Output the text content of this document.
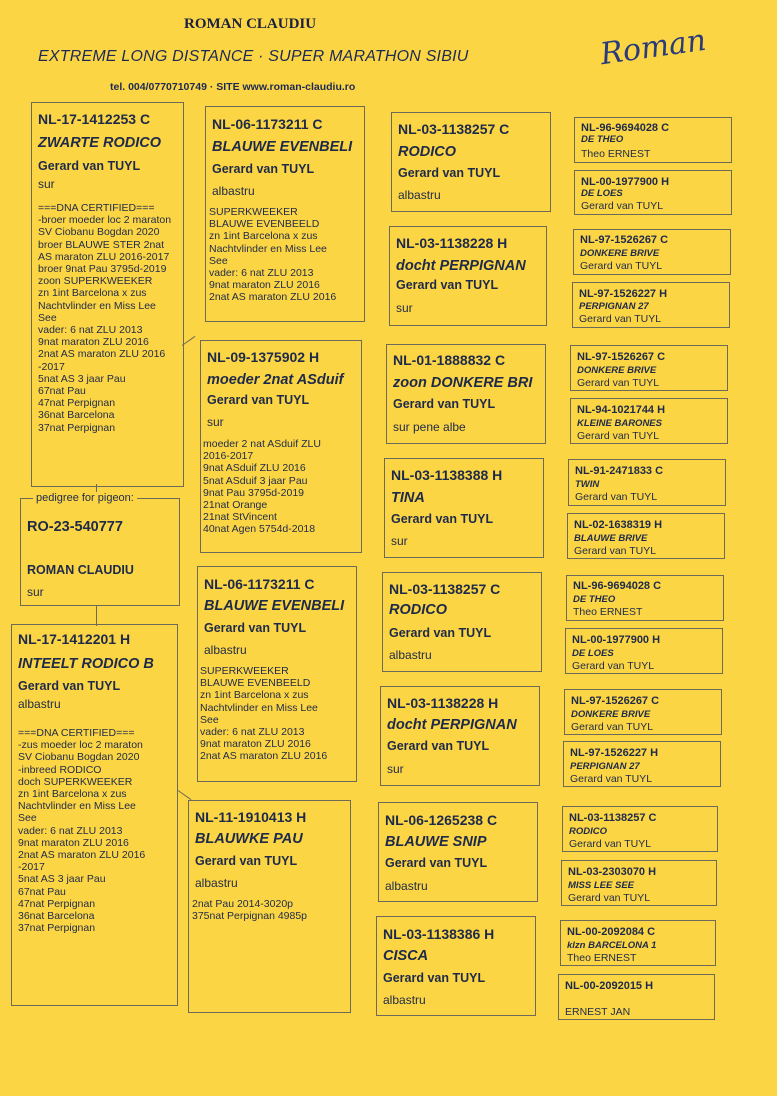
ROMAN CLAUDIU
EXTREME LONG DISTANCE · SUPER MARATHON SIBIU
tel. 004/0770710749 · SITE www.roman-claudiu.ro
Roman
NL-17-1412253 C
ZWARTE RODICO
Gerard van TUYL
sur
===DNA CERTIFIED===
-broer moeder loc 2 maraton
SV Ciobanu Bogdan 2020
broer BLAUWE STER 2nat
AS maraton ZLU 2016-2017
broer 9nat Pau 3795d-2019
zoon SUPERKWEEKER
zn 1int Barcelona x zus
Nachtvlinder en Miss Lee
See
vader: 6 nat ZLU 2013
9nat maraton ZLU 2016
2nat AS maraton ZLU 2016
-2017
5nat AS 3 jaar Pau
67nat Pau
47nat Perpignan
36nat Barcelona
37nat Perpignan
RO-23-540777
ROMAN CLAUDIU
sur
pedigree for pigeon:
NL-17-1412201 H
INTEELT RODICO B
Gerard van TUYL
albastru
===DNA CERTIFIED===
-zus moeder loc 2 maraton
SV Ciobanu Bogdan 2020
-inbreed RODICO
doch SUPERKWEEKER
zn 1int Barcelona x zus
Nachtvlinder en Miss Lee
See
vader: 6 nat ZLU 2013
9nat maraton ZLU 2016
2nat AS maraton ZLU 2016
-2017
5nat AS 3 jaar Pau
67nat Pau
47nat Perpignan
36nat Barcelona
37nat Perpignan
NL-06-1173211 C
BLAUWE EVENBELI
Gerard van TUYL
albastru
SUPERKWEEKER
BLAUWE EVENBEELD
zn 1int Barcelona x zus
Nachtvlinder en Miss Lee
See
vader: 6 nat ZLU 2013
9nat maraton ZLU 2016
2nat AS maraton ZLU 2016
NL-09-1375902 H
moeder 2nat ASduif
Gerard van TUYL
sur
moeder 2 nat ASduif ZLU
2016-2017
9nat ASduif ZLU 2016
5nat ASduif 3 jaar Pau
9nat Pau 3795d-2019
21nat Orange
21nat StVincent
40nat Agen 5754d-2018
NL-06-1173211 C
BLAUWE EVENBELI
Gerard van TUYL
albastru
SUPERKWEEKER
BLAUWE EVENBEELD
zn 1int Barcelona x zus
Nachtvlinder en Miss Lee
See
vader: 6 nat ZLU 2013
9nat maraton ZLU 2016
2nat AS maraton ZLU 2016
NL-11-1910413 H
BLAUWKE PAU
Gerard van TUYL
albastru
2nat Pau 2014-3020p
375nat Perpignan 4985p
NL-03-1138257 C
RODICO
Gerard van TUYL
albastru
NL-03-1138228 H
docht PERPIGNAN
Gerard van TUYL
sur
NL-01-1888832 C
zoon DONKERE BRI
Gerard van TUYL
sur pene albe
NL-03-1138388 H
TINA
Gerard van TUYL
sur
NL-03-1138257 C
RODICO
Gerard van TUYL
albastru
NL-03-1138228 H
docht PERPIGNAN
Gerard van TUYL
sur
NL-06-1265238 C
BLAUWE SNIP
Gerard van TUYL
albastru
NL-03-1138386 H
CISCA
Gerard van TUYL
albastru
NL-96-9694028 C
DE THEO
Theo ERNEST
NL-00-1977900 H
DE LOES
Gerard van TUYL
NL-97-1526267 C
DONKERE BRIVE
Gerard van TUYL
NL-97-1526227 H
PERPIGNAN 27
Gerard van TUYL
NL-97-1526267 C
DONKERE BRIVE
Gerard van TUYL
NL-94-1021744 H
KLEINE BARONES
Gerard van TUYL
NL-91-2471833 C
TWIN
Gerard van TUYL
NL-02-1638319 H
BLAUWE BRIVE
Gerard van TUYL
NL-96-9694028 C
DE THEO
Theo ERNEST
NL-00-1977900 H
DE LOES
Gerard van TUYL
NL-97-1526267 C
DONKERE BRIVE
Gerard van TUYL
NL-97-1526227 H
PERPIGNAN 27
Gerard van TUYL
NL-03-1138257 C
RODICO
Gerard van TUYL
NL-03-2303070 H
MISS LEE SEE
Gerard van TUYL
NL-00-2092084 C
klzn BARCELONA 1
Theo ERNEST
NL-00-2092015 H
ERNEST JAN
